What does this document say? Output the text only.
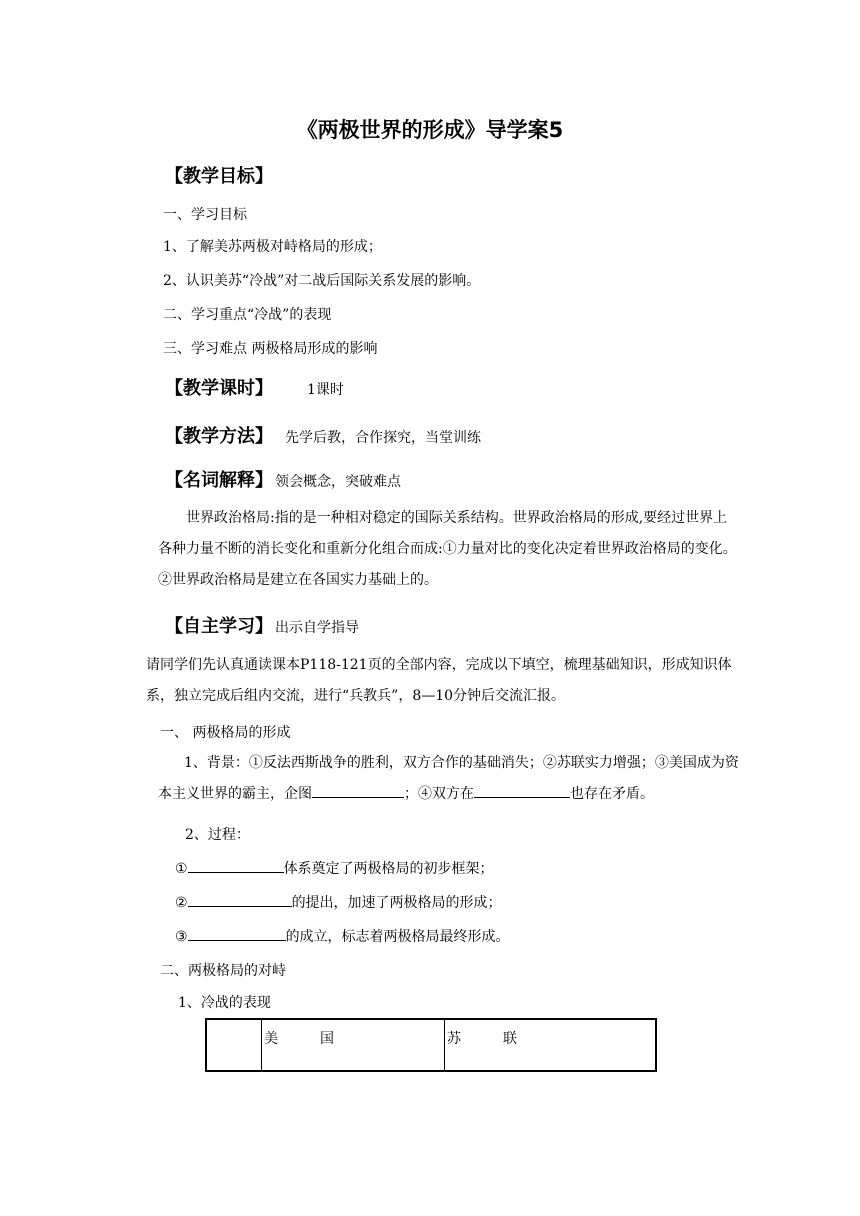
《两极世界的形成》导学案5
【教学目标】
一、学习目标
1、了解美苏两极对峙格局的形成；
2、认识美苏“冷战”对二战后国际关系发展的影响。
二、学习重点“冷战”的表现
三、学习难点 两极格局形成的影响
【教学课时】 1课时
【教学方法】 先学后教，合作探究，当堂训练
【名词解释】 领会概念，突破难点
世界政治格局:指的是一种相对稳定的国际关系结构。世界政治格局的形成,要经过世界上各种力量不断的消长变化和重新分化组合而成:①力量对比的变化决定着世界政治格局的变化。②世界政治格局是建立在各国实力基础上的。
【自主学习】 出示自学指导
请同学们先认真通读课本P118-121页的全部内容，完成以下填空，梳理基础知识，形成知识体系，独立完成后组内交流，进行“兵教兵”，8—10分钟后交流汇报。
一、 两极格局的形成
1、背景：①反法西斯战争的胜利，双方合作的基础消失；②苏联实力增强；③美国成为资本主义世界的霸主，企图	；④双方在	也存在矛盾。
2、过程：
①	体系奠定了两极格局的初步框架；
②	的提出，加速了两极格局的形成；
③	的成立，标志着两极格局最终形成。
二、两极格局的对峙
1、冷战的表现
	美　　　国	苏　　　联
